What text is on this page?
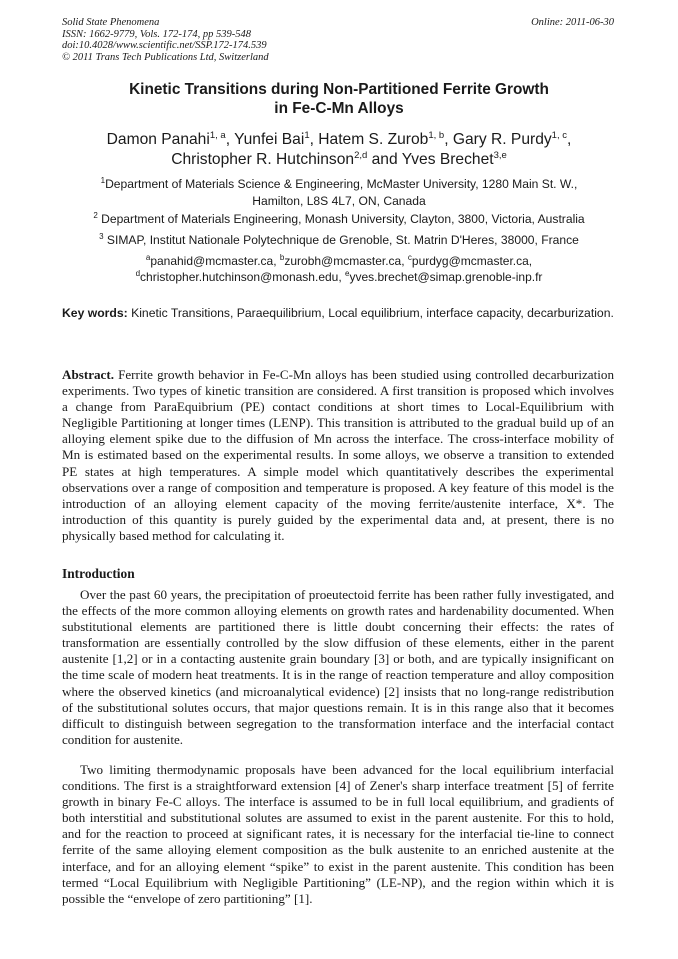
Solid State Phenomena
ISSN: 1662-9779, Vols. 172-174, pp 539-548
doi:10.4028/www.scientific.net/SSP.172-174.539
© 2011 Trans Tech Publications Ltd, Switzerland
Online: 2011-06-30
Kinetic Transitions during Non-Partitioned Ferrite Growth
in Fe-C-Mn Alloys
Damon Panahi$^{1, a}$, Yunfei Bai$^1$, Hatem S. Zurob$^{1, b}$, Gary R. Purdy$^{1, c}$,
Christopher R. Hutchinson$^{2,d}$ and Yves Brechet$^{3,e}$
$^1$Department of Materials Science & Engineering, McMaster University, 1280 Main St. W.,
Hamilton, L8S 4L7, ON, Canada
$^2$ Department of Materials Engineering, Monash University, Clayton, 3800, Victoria, Australia
$^3$ SIMAP, Institut Nationale Polytechnique de Grenoble, St. Matrin D'Heres, 38000, France
$^a$panahid@mcmaster.ca, $^b$zurobh@mcmaster.ca, $^c$purdyg@mcmaster.ca,
$^d$christopher.hutchinson@monash.edu, $^e$yves.brechet@simap.grenoble-inp.fr
Key words: Kinetic Transitions, Paraequilibrium, Local equilibrium, interface capacity, decarburization.
Abstract. Ferrite growth behavior in Fe-C-Mn alloys has been studied using controlled decarburization experiments. Two types of kinetic transition are considered. A first transition is proposed which involves a change from ParaEquibrium (PE) contact conditions at short times to Local-Equilibrium with Negligible Partitioning at longer times (LENP). This transition is attributed to the gradual build up of an alloying element spike due to the diffusion of Mn across the interface. The cross-interface mobility of Mn is estimated based on the experimental results. In some alloys, we observe a transition to extended PE states at high temperatures. A simple model which quantitatively describes the experimental observations over a range of composition and temperature is proposed. A key feature of this model is the introduction of an alloying element capacity of the moving ferrite/austenite interface, X*. The introduction of this quantity is purely guided by the experimental data and, at present, there is no physically based method for calculating it.
Introduction
Over the past 60 years, the precipitation of proeutectoid ferrite has been rather fully investigated, and the effects of the more common alloying elements on growth rates and hardenability documented. When substitutional elements are partitioned there is little doubt concerning their effects: the rates of transformation are essentially controlled by the slow diffusion of these elements, either in the parent austenite [1,2] or in a contacting austenite grain boundary [3] or both, and are typically insignificant on the time scale of modern heat treatments. It is in the range of reaction temperature and alloy composition where the observed kinetics (and microanalytical evidence) [2] insists that no long-range redistribution of the substitutional solutes occurs, that major questions remain. It is in this range also that it becomes difficult to distinguish between segregation to the transformation interface and the interfacial contact condition for austenite.
Two limiting thermodynamic proposals have been advanced for the local equilibrium interfacial conditions. The first is a straightforward extension [4] of Zener's sharp interface treatment [5] of ferrite growth in binary Fe-C alloys. The interface is assumed to be in full local equilibrium, and gradients of both interstitial and substitutional solutes are assumed to exist in the parent austenite. For this to hold, and for the reaction to proceed at significant rates, it is necessary for the interfacial tie-line to connect ferrite of the same alloying element composition as the bulk austenite to an enriched austenite at the interface, and for an alloying element “spike” to exist in the parent austenite. This condition has been termed “Local Equilibrium with Negligible Partitioning” (LE-NP), and the region within which it is possible the “envelope of zero partitioning” [1].
